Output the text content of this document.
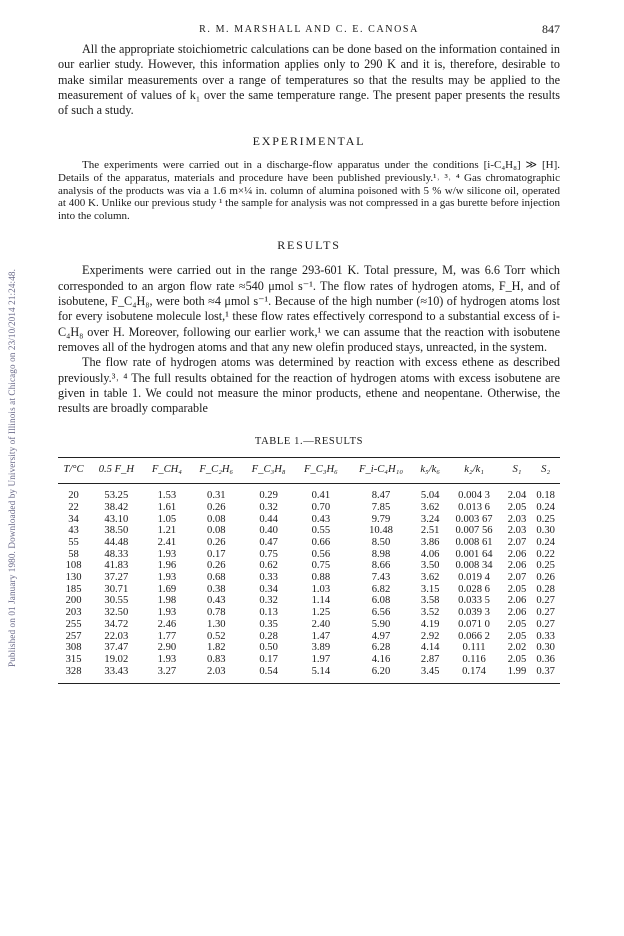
Published on 01 January 1980. Downloaded by University of Illinois at Chicago on 23/10/2014 21:24:48.
R. M. MARSHALL AND C. E. CANOSA	847

All the appropriate stoichiometric calculations can be done based on the information contained in our earlier study. However, this information applies only to 290 K and it is, therefore, desirable to make similar measurements over a range of temperatures so that the results may be applied to the measurement of values of k₁ over the same temperature range. The present paper presents the results of such a study.

EXPERIMENTAL

The experiments were carried out in a discharge-flow apparatus under the conditions [i-C₄H₈] ≫ [H]. Details of the apparatus, materials and procedure have been published previously.¹˒ ³˒ ⁴ Gas chromatographic analysis of the products was via a 1.6 m×¼ in. column of alumina poisoned with 5 % w/w silicone oil, operated at 400 K. Unlike our previous study ¹ the sample for analysis was not compressed in a gas burette before injection into the column.

RESULTS

Experiments were carried out in the range 293-601 K. Total pressure, M, was 6.6 Torr which corresponded to an argon flow rate ≈540 μmol s⁻¹. The flow rates of hydrogen atoms, F_H, and of isobutene, F_C₄H₈, were both ≈4 μmol s⁻¹. Because of the high number (≈10) of hydrogen atoms lost for every isobutene molecule lost,¹ these flow rates effectively correspond to a substantial excess of i-C₄H₈ over H. Moreover, following our earlier work,¹ we can assume that the reaction with isobutene removes all of the hydrogen atoms and that any new olefin produced stays, unreacted, in the system.

The flow rate of hydrogen atoms was determined by reaction with excess ethene as described previously.³˒ ⁴ The full results obtained for the reaction of hydrogen atoms with excess isobutene are given in table 1. We could not measure the minor products, ethene and neopentane. Otherwise, the results are broadly comparable

TABLE 1.—RESULTS
T/°C	0.5 F_H	F_CH₄	F_C₂H₆	F_C₃H₈	F_C₃H₆	F_i-C₄H₁₀	k₅/k₆	k₂/k₁	S₁	S₂
20	53.25	1.53	0.31	0.29	0.41	8.47	5.04	0.004 3	2.04	0.18
22	38.42	1.61	0.26	0.32	0.70	7.85	3.62	0.013 6	2.05	0.24
34	43.10	1.05	0.08	0.44	0.43	9.79	3.24	0.003 67	2.03	0.25
43	38.50	1.21	0.08	0.40	0.55	10.48	2.51	0.007 56	2.03	0.30
55	44.48	2.41	0.26	0.47	0.66	8.50	3.86	0.008 61	2.07	0.24
58	48.33	1.93	0.17	0.75	0.56	8.98	4.06	0.001 64	2.06	0.22
108	41.83	1.96	0.26	0.62	0.75	8.66	3.50	0.008 34	2.06	0.25
130	37.27	1.93	0.68	0.33	0.88	7.43	3.62	0.019 4	2.07	0.26
185	30.71	1.69	0.38	0.34	1.03	6.82	3.15	0.028 6	2.05	0.28
200	30.55	1.98	0.43	0.32	1.14	6.08	3.58	0.033 5	2.06	0.27
203	32.50	1.93	0.78	0.13	1.25	6.56	3.52	0.039 3	2.06	0.27
255	34.72	2.46	1.30	0.35	2.40	5.90	4.19	0.071 0	2.05	0.27
257	22.03	1.77	0.52	0.28	1.47	4.97	2.92	0.066 2	2.05	0.33
308	37.47	2.90	1.82	0.50	3.89	6.28	4.14	0.111	2.02	0.30
315	19.02	1.93	0.83	0.17	1.97	4.16	2.87	0.116	2.05	0.36
328	33.43	3.27	2.03	0.54	5.14	6.20	3.45	0.174	1.99	0.37
